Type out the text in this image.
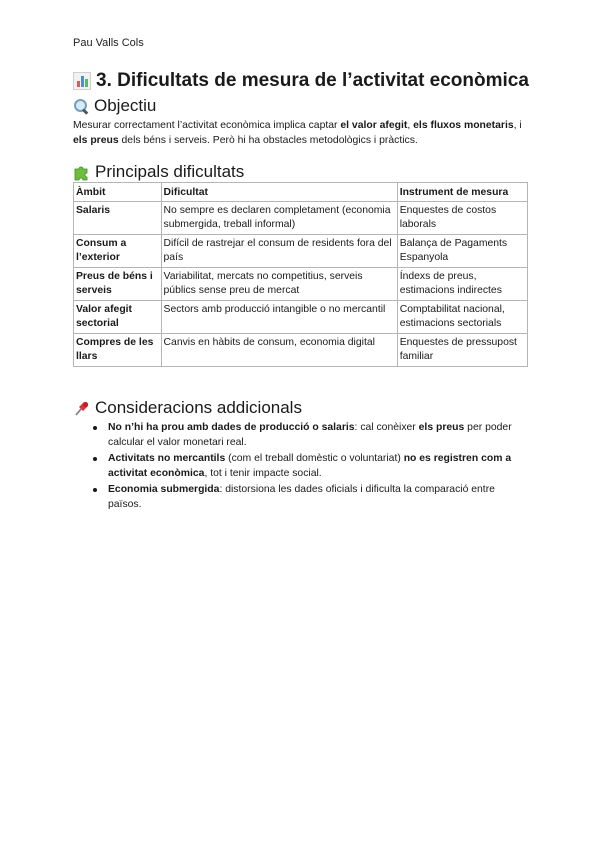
Pau Valls Cols
3. Dificultats de mesura de l’activitat econòmica
Objectiu

Mesurar correctament l’activitat econòmica implica captar el valor afegit, els fluxos monetaris, i els preus dels béns i serveis. Però hi ha obstacles metodològics i pràctics.

Principals dificultats
Àmbit	Dificultat	Instrument de mesura
Salaris	No sempre es declaren completament (economia submergida, treball informal)	Enquestes de costos laborals
Consum a l’exterior	Difícil de rastrejar el consum de residents fora del país	Balança de Pagaments Espanyola
Preus de béns i serveis	Variabilitat, mercats no competitius, serveis públics sense preu de mercat	Índexs de preus, estimacions indirectes
Valor afegit sectorial	Sectors amb producció intangible o no mercantil	Comptabilitat nacional, estimacions sectorials
Compres de les llars	Canvis en hàbits de consum, economia digital	Enquestes de pressupost familiar
Consideracions addicionals
No n’hi ha prou amb dades de producció o salaris: cal conèixer els preus per poder calcular el valor monetari real.
Activitats no mercantils (com el treball domèstic o voluntariat) no es registren com a activitat econòmica, tot i tenir impacte social.
Economia submergida: distorsiona les dades oficials i dificulta la comparació entre països.
